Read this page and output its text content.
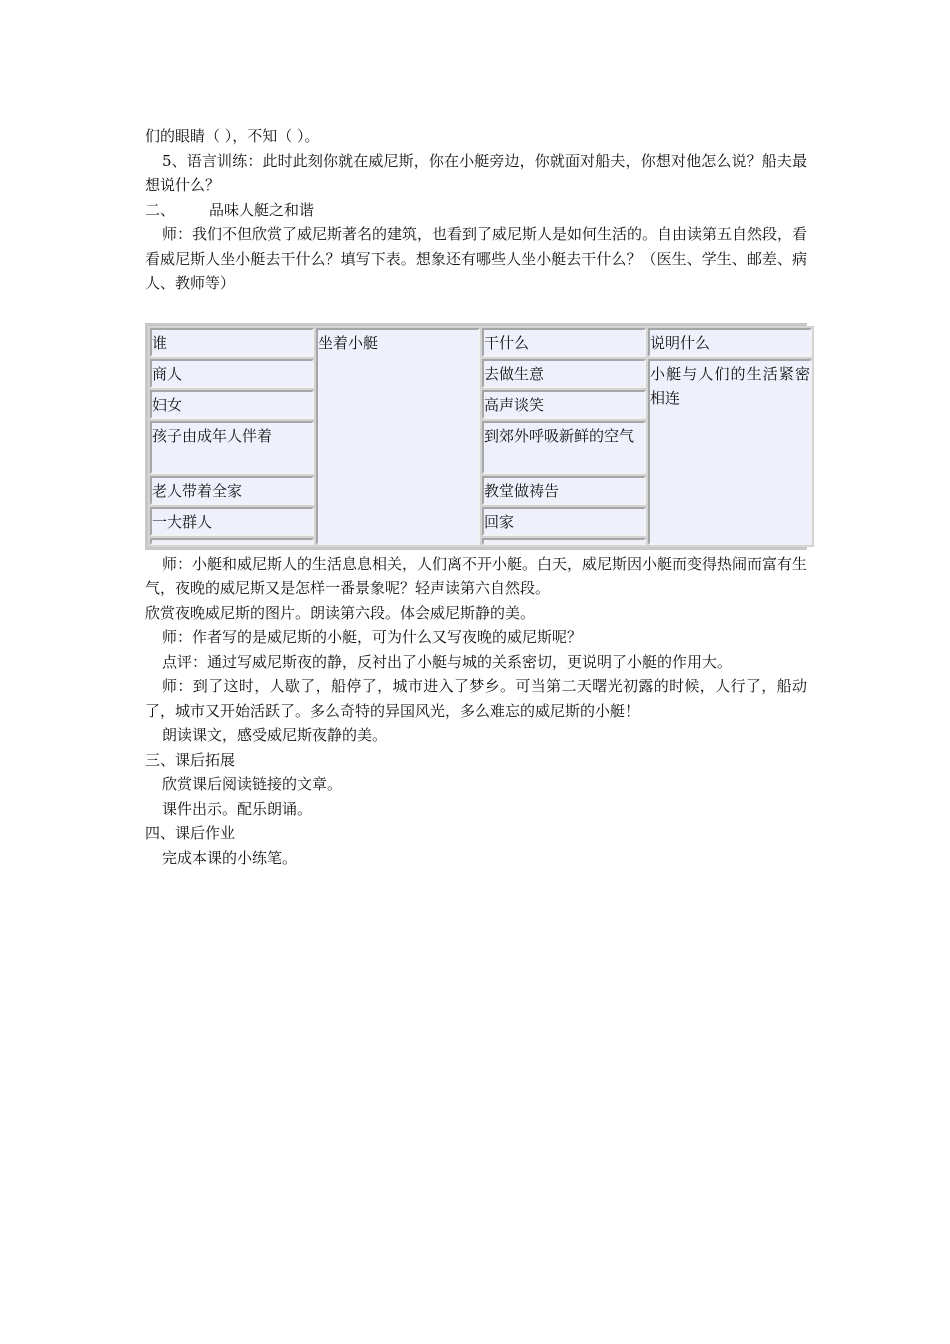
们的眼睛（ ），不知（ ）。
5、语言训练：此时此刻你就在威尼斯，你在小艇旁边，你就面对船夫，你想对他怎么说？船夫最想说什么？
二、 品味人艇之和谐
师：我们不但欣赏了威尼斯著名的建筑，也看到了威尼斯人是如何生活的。自由读第五自然段，看看威尼斯人坐小艇去干什么？填写下表。想象还有哪些人坐小艇去干什么？（医生、学生、邮差、病人、教师等）
谁	坐着小艇	干什么	说明什么
商人		去做生意	小艇与人们的生活紧密相连
妇女		高声谈笑	
孩子由成年人伴着		到郊外呼吸新鲜的空气	
老人带着全家		教堂做祷告	
一大群人		回家	

师：小艇和威尼斯人的生活息息相关，人们离不开小艇。白天，威尼斯因小艇而变得热闹而富有生气，夜晚的威尼斯又是怎样一番景象呢？轻声读第六自然段。
欣赏夜晚威尼斯的图片。朗读第六段。体会威尼斯静的美。
师：作者写的是威尼斯的小艇，可为什么又写夜晚的威尼斯呢？
点评：通过写威尼斯夜的静，反衬出了小艇与城的关系密切，更说明了小艇的作用大。
师：到了这时，人歇了，船停了，城市进入了梦乡。可当第二天曙光初露的时候，人行了，船动了，城市又开始活跃了。多么奇特的异国风光，多么难忘的威尼斯的小艇！
朗读课文，感受威尼斯夜静的美。
三、课后拓展
欣赏课后阅读链接的文章。
课件出示。配乐朗诵。
四、课后作业
完成本课的小练笔。
